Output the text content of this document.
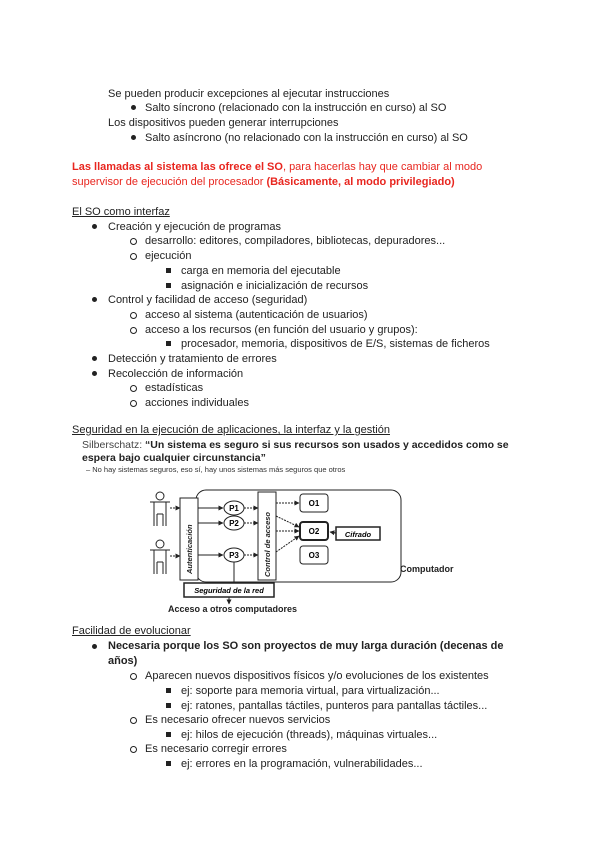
Se pueden producir excepciones al ejecutar instrucciones
Salto síncrono (relacionado con la instrucción en curso) al SO
Los dispositivos pueden generar interrupciones
Salto asíncrono (no relacionado con la instrucción en curso) al SO
Las llamadas al sistema las ofrece el SO, para hacerlas hay que cambiar al modo
supervisor de ejecución del procesador (Básicamente, al modo privilegiado)
El SO como interfaz
Creación y ejecución de programas
desarrollo: editores, compiladores, bibliotecas, depuradores...
ejecución
carga en memoria del ejecutable
asignación e inicialización de recursos
Control y facilidad de acceso (seguridad)
acceso al sistema (autenticación de usuarios)
acceso a los recursos (en función del usuario y grupos):
procesador, memoria, dispositivos de E/S, sistemas de ficheros
Detección y tratamiento de errores
Recolección de información
estadísticas
acciones individuales
Seguridad en la ejecución de aplicaciones, la interfaz y la gestión
Silberschatz: “Un sistema es seguro si sus recursos son usados y accedidos como se
espera bajo cualquier circunstancia”
– No hay sistemas seguros, eso sí, hay unos sistemas más seguros que otros
Autenticación	Control de acceso
P1
P2
P3
O1
O2
O3
Cifrado
Computador
Seguridad de la red
Acceso a otros computadores
Facilidad de evolucionar
Necesaria porque los SO son proyectos de muy larga duración (decenas de
años)
Aparecen nuevos dispositivos físicos y/o evoluciones de los existentes
ej: soporte para memoria virtual, para virtualización...
ej: ratones, pantallas táctiles, punteros para pantallas táctiles...
Es necesario ofrecer nuevos servicios
ej: hilos de ejecución (threads), máquinas virtuales...
Es necesario corregir errores
ej: errores en la programación, vulnerabilidades...
